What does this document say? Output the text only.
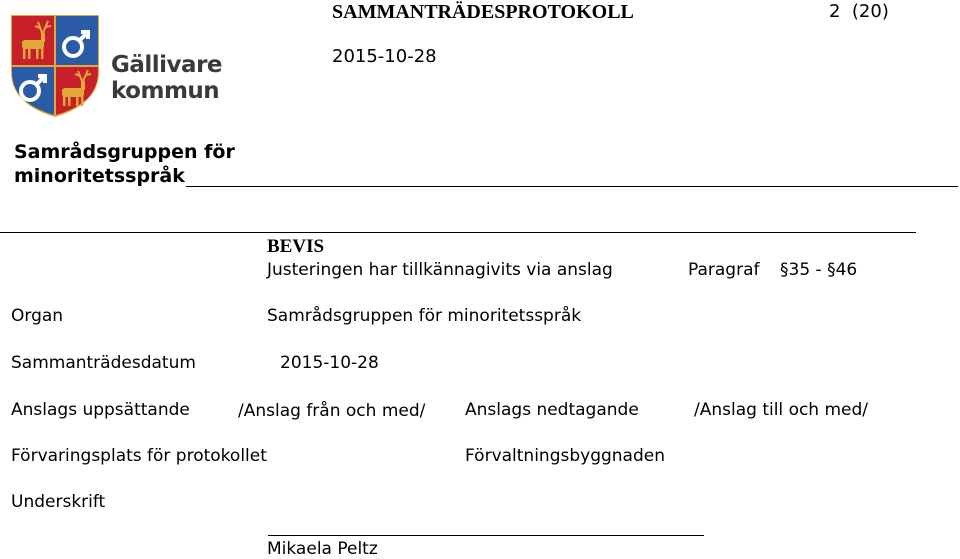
Gällivare
kommun
SAMMANTRÄDESPROTOKOLL	2  (20)
2015-10-28
Samrådsgruppen för
minoritetsspråk
BEVIS
Justeringen har tillkännagivits via anslag	Paragraf §35 - §46
Organ	Samrådsgruppen för minoritetsspråk
Sammanträdesdatum	2015-10-28
Anslags uppsättande	/Anslag från och med/ Anslags nedtagande	/Anslag till och med/
Förvaringsplats för protokollet	Förvaltningsbyggnaden
Underskrift
Mikaela Peltz
